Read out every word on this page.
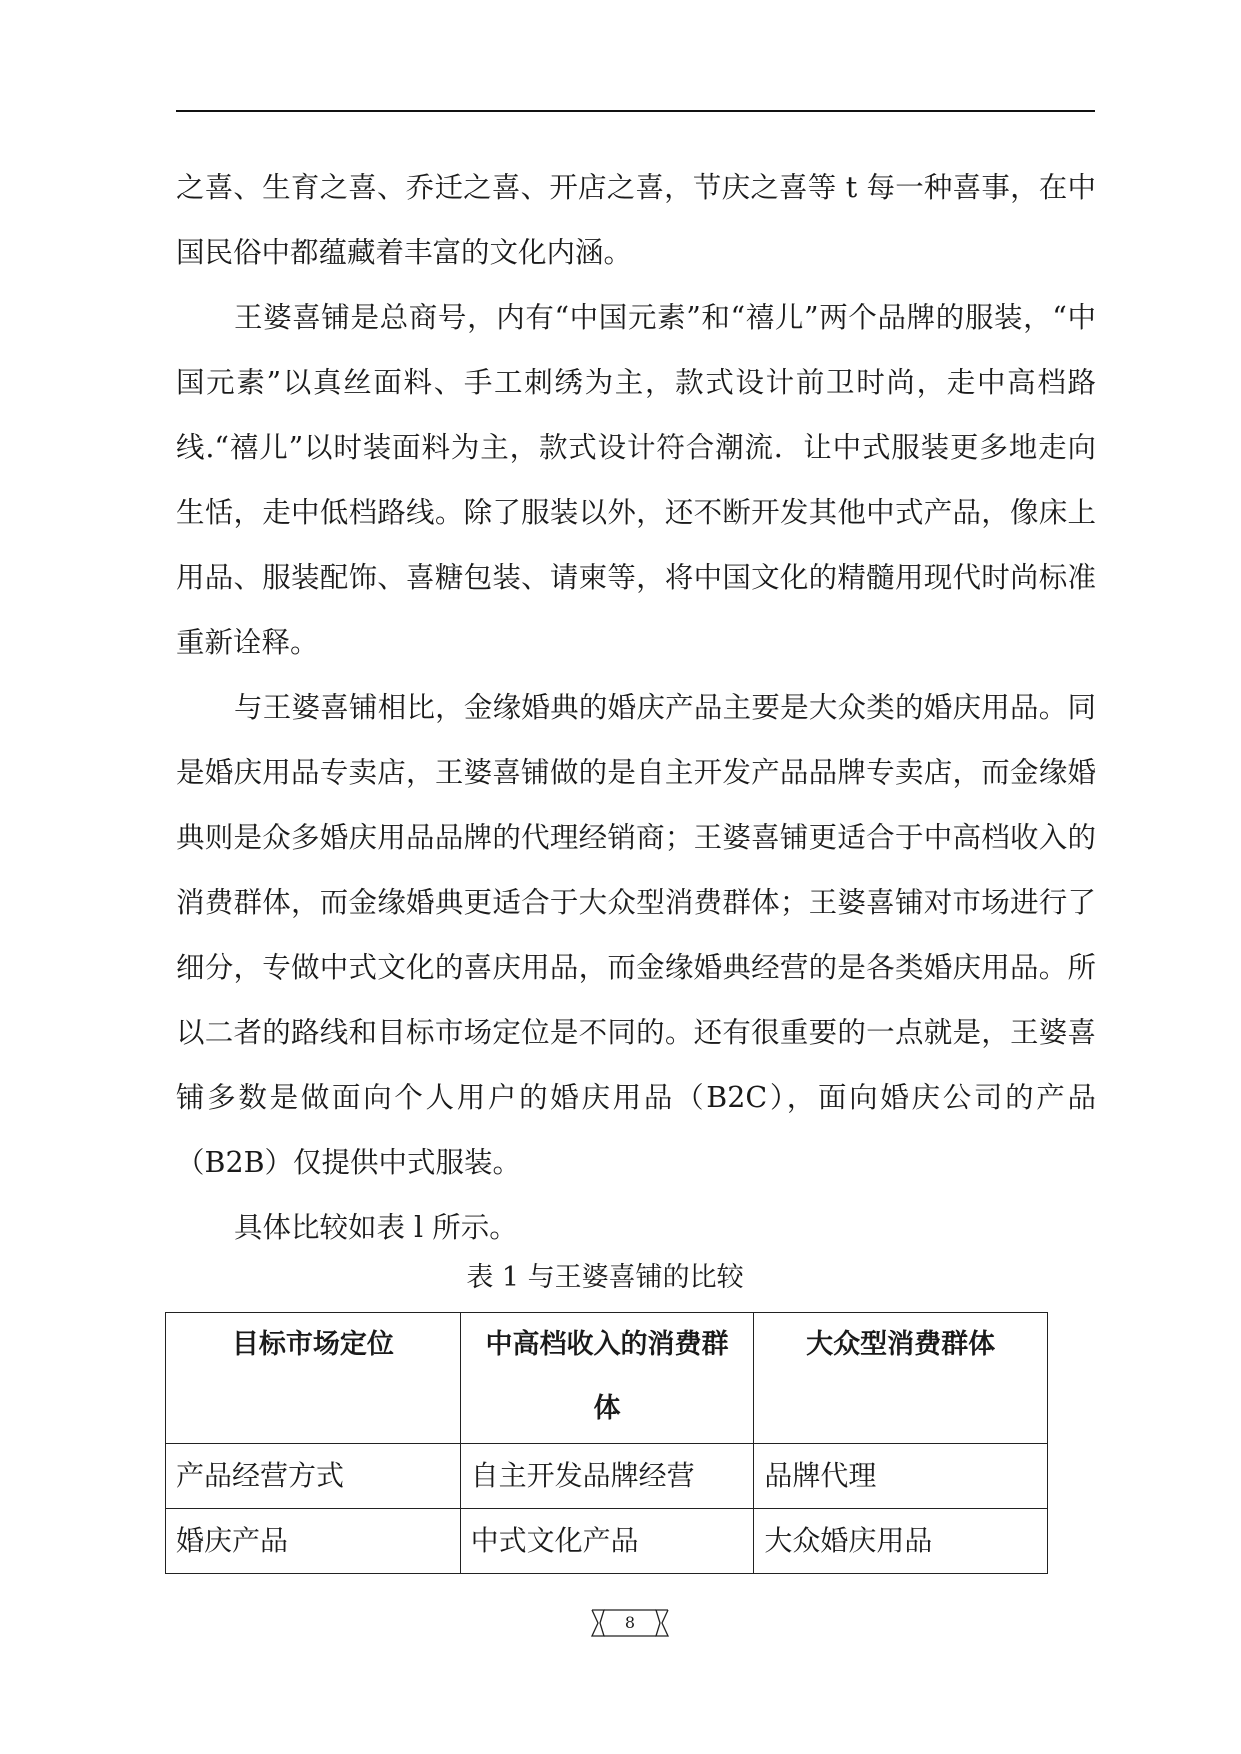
之喜、生育之喜、乔迁之喜、开店之喜，节庆之喜等 t 每一种喜事，在中国民俗中都蕴藏着丰富的文化内涵。

王婆喜铺是总商号，内有“中国元素”和“禧儿”两个品牌的服装，“中国元素”以真丝面料、手工刺绣为主，款式设计前卫时尚，走中高档路线.“禧儿”以时装面料为主，款式设计符合潮流．让中式服装更多地走向生恬，走中低档路线。除了服装以外，还不断开发其他中式产品，像床上用品、服装配饰、喜糖包装、请柬等，将中国文化的精髓用现代时尚标准重新诠释。

与王婆喜铺相比，金缘婚典的婚庆产品主要是大众类的婚庆用品。同是婚庆用品专卖店，王婆喜铺做的是自主开发产品品牌专卖店，而金缘婚典则是众多婚庆用品品牌的代理经销商；王婆喜铺更适合于中高档收入的消费群体，而金缘婚典更适合于大众型消费群体；王婆喜铺对市场进行了细分，专做中式文化的喜庆用品，而金缘婚典经营的是各类婚庆用品。所以二者的路线和目标市场定位是不同的。还有很重要的一点就是，王婆喜铺多数是做面向个人用户的婚庆用品（B2C），面向婚庆公司的产品（B2B）仅提供中式服装。

具体比较如表 l 所示。

表 1 与王婆喜铺的比较
目标市场定位	中高档收入的消费群体	大众型消费群体
产品经营方式	自主开发品牌经营	品牌代理
婚庆产品	中式文化产品	大众婚庆用品
8
